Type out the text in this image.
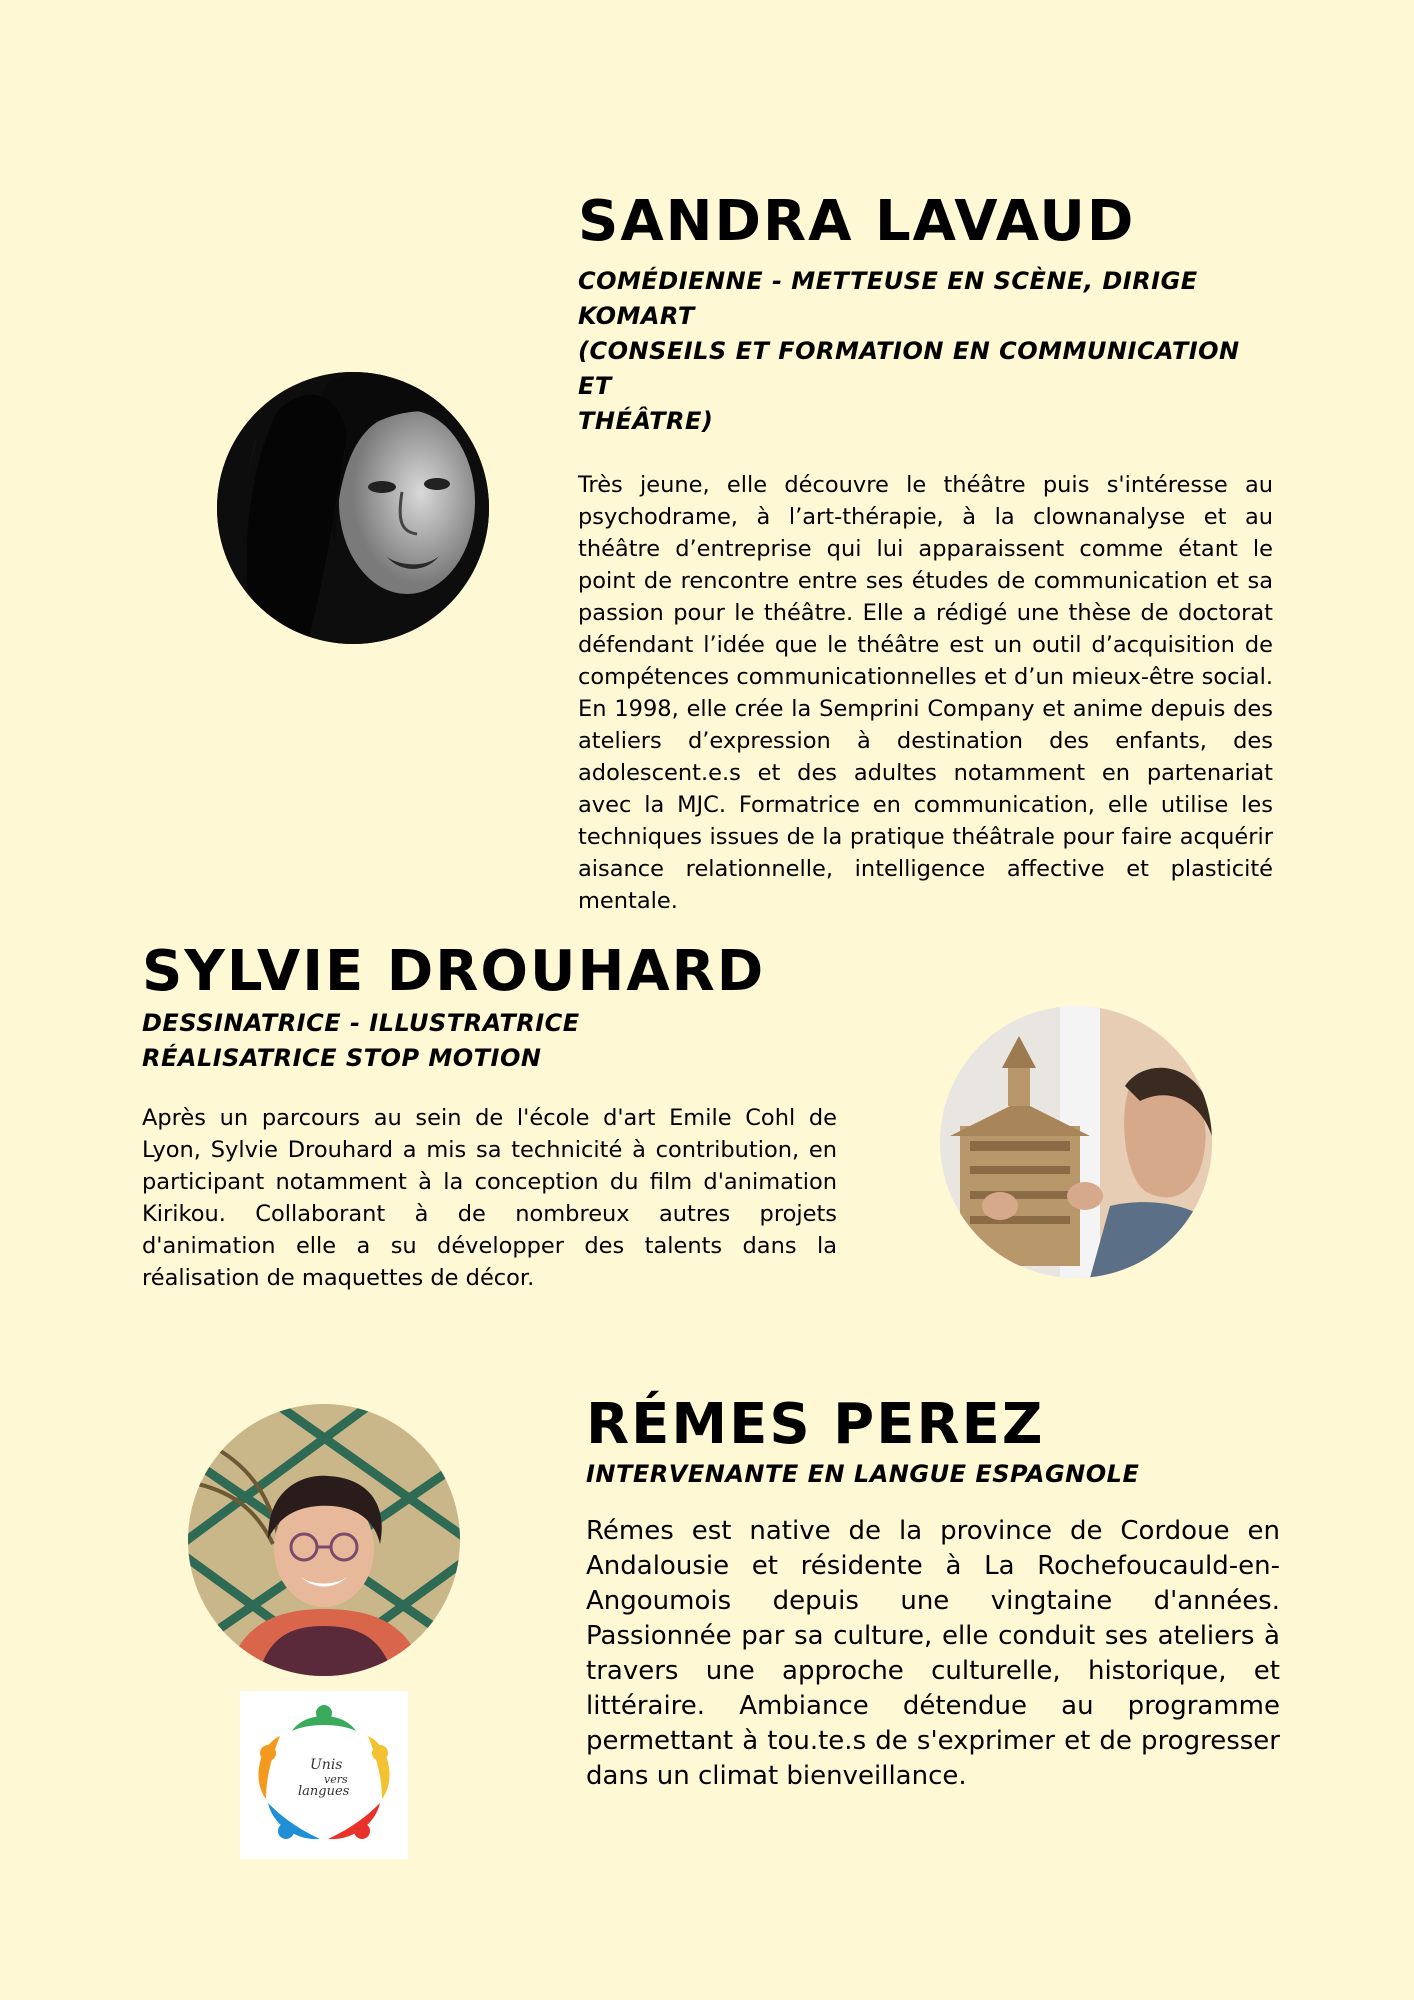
SANDRA LAVAUD

COMÉDIENNE - METTEUSE EN SCÈNE, DIRIGE KOMART
(CONSEILS ET FORMATION EN COMMUNICATION ET
THÉÂTRE)

Très jeune, elle découvre le théâtre puis s'intéresse au psychodrame, à l’art-thérapie, à la clownanalyse et au théâtre d’entreprise qui lui apparaissent comme étant le point de rencontre entre ses études de communication et sa passion pour le théâtre. Elle a rédigé une thèse de doctorat défendant l’idée que le théâtre est un outil d’acquisition de compétences communicationnelles et d’un mieux-être social. En 1998, elle crée la Semprini Company et anime depuis des ateliers d’expression à destination des enfants, des adolescent.e.s et des adultes notamment en partenariat avec la MJC. Formatrice en communication, elle utilise les techniques issues de la pratique théâtrale pour faire acquérir aisance relationnelle, intelligence affective et plasticité mentale.

SYLVIE DROUHARD

DESSINATRICE - ILLUSTRATRICE
RÉALISATRICE STOP MOTION

Après un parcours au sein de l'école d'art Emile Cohl de Lyon, Sylvie Drouhard a mis sa technicité à contribution, en participant notamment à la conception du film d'animation Kirikou. Collaborant à de nombreux autres projets d'animation elle a su développer des talents dans la réalisation de maquettes de décor.

RÉMES PEREZ

INTERVENANTE EN LANGUE ESPAGNOLE

Rémes est native de la province de Cordoue en Andalousie et résidente à La Rochefoucauld-en-Angoumois depuis une vingtaine d'années. Passionnée par sa culture, elle conduit ses ateliers à travers une approche culturelle, historique, et littéraire. Ambiance détendue au programme permettant à tou.te.s de s'exprimer et de progresser dans un climat bienveillance.

Unis
vers
langues
